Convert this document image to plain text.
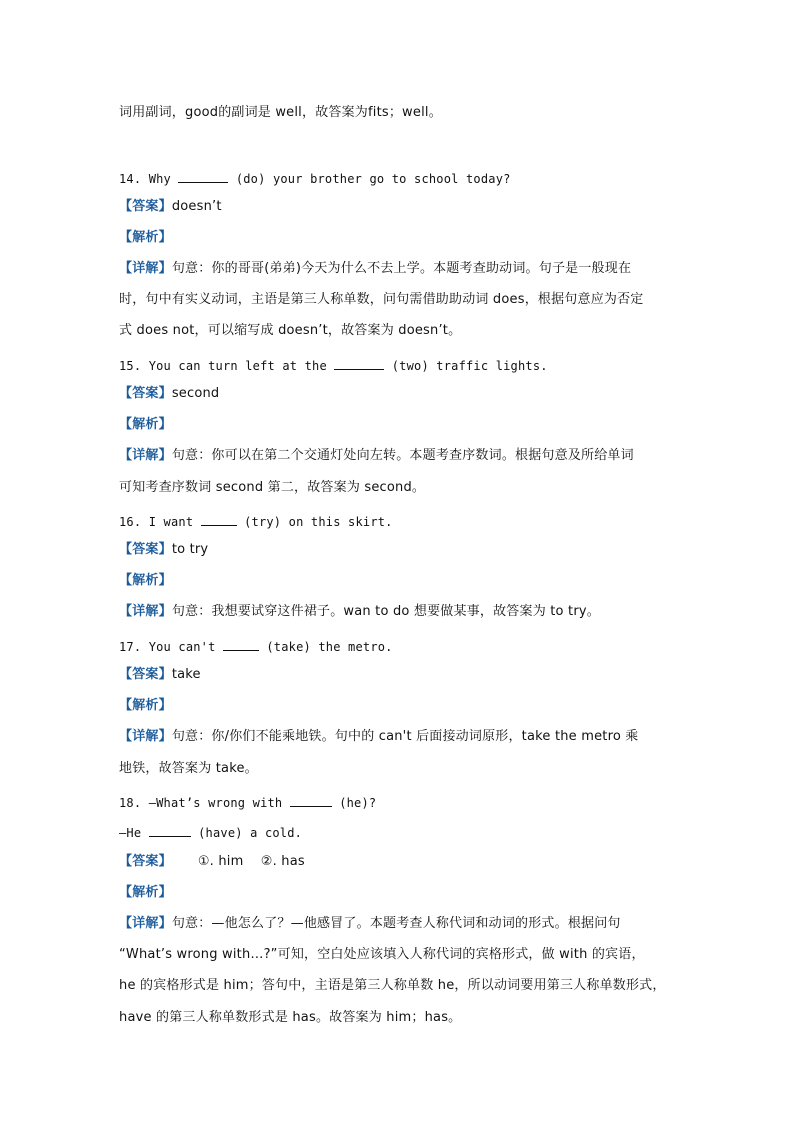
词用副词，good的副词是 well，故答案为fits；well。
14. Why	(do) your brother go to school today?
【答案】doesn’t
【解析】
【详解】句意：你的哥哥(弟弟)今天为什么不去上学。本题考查助动词。句子是一般现在
时，句中有实义动词，主语是第三人称单数，问句需借助助动词 does，根据句意应为否定
式 does not，可以缩写成 doesn’t，故答案为 doesn’t。
15. You can turn left at the	(two) traffic lights.
【答案】second
【解析】
【详解】句意：你可以在第二个交通灯处向左转。本题考查序数词。根据句意及所给单词
可知考查序数词 second 第二，故答案为 second。
16. I want	(try) on this skirt.
【答案】to try
【解析】
【详解】句意：我想要试穿这件裙子。wan to do 想要做某事，故答案为 to try。
17. You can't	(take) the metro.
【答案】take
【解析】
【详解】句意：你/你们不能乘地铁。句中的 can't 后面接动词原形，take the metro 乘
地铁，故答案为 take。
18. —What’s wrong with	(he)?
—He	(have) a cold.
【答案】 ①. him    ②. has
【解析】
【详解】句意：—他怎么了？—他感冒了。本题考查人称代词和动词的形式。根据问句
“What’s wrong with…?”可知，空白处应该填入人称代词的宾格形式，做 with 的宾语，
he 的宾格形式是 him；答句中，主语是第三人称单数 he，所以动词要用第三人称单数形式，
have 的第三人称单数形式是 has。故答案为 him；has。
